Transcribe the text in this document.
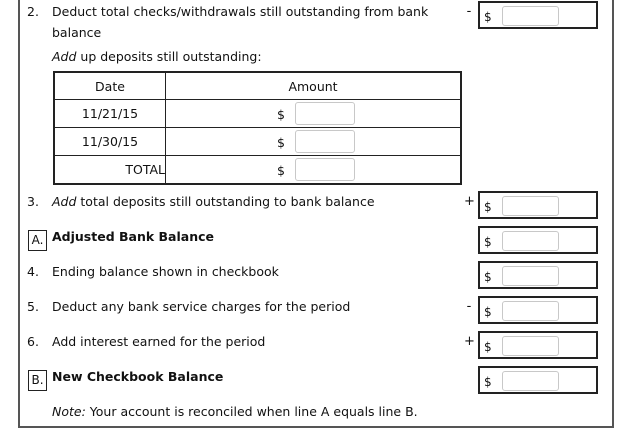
2. Deduct total checks/withdrawals still outstanding from bank
balance
- $
Add up deposits still outstanding:
Date	Amount
11/21/15	$

11/30/15	$

TOTAL	$
3. Add total deposits still outstanding to bank balance	+ $
A. Adjusted Bank Balance	$
4. Ending balance shown in checkbook	$
5. Deduct any bank service charges for the period	- $
6. Add interest earned for the period	+ $
B. New Checkbook Balance	$
Note: Your account is reconciled when line A equals line B.
